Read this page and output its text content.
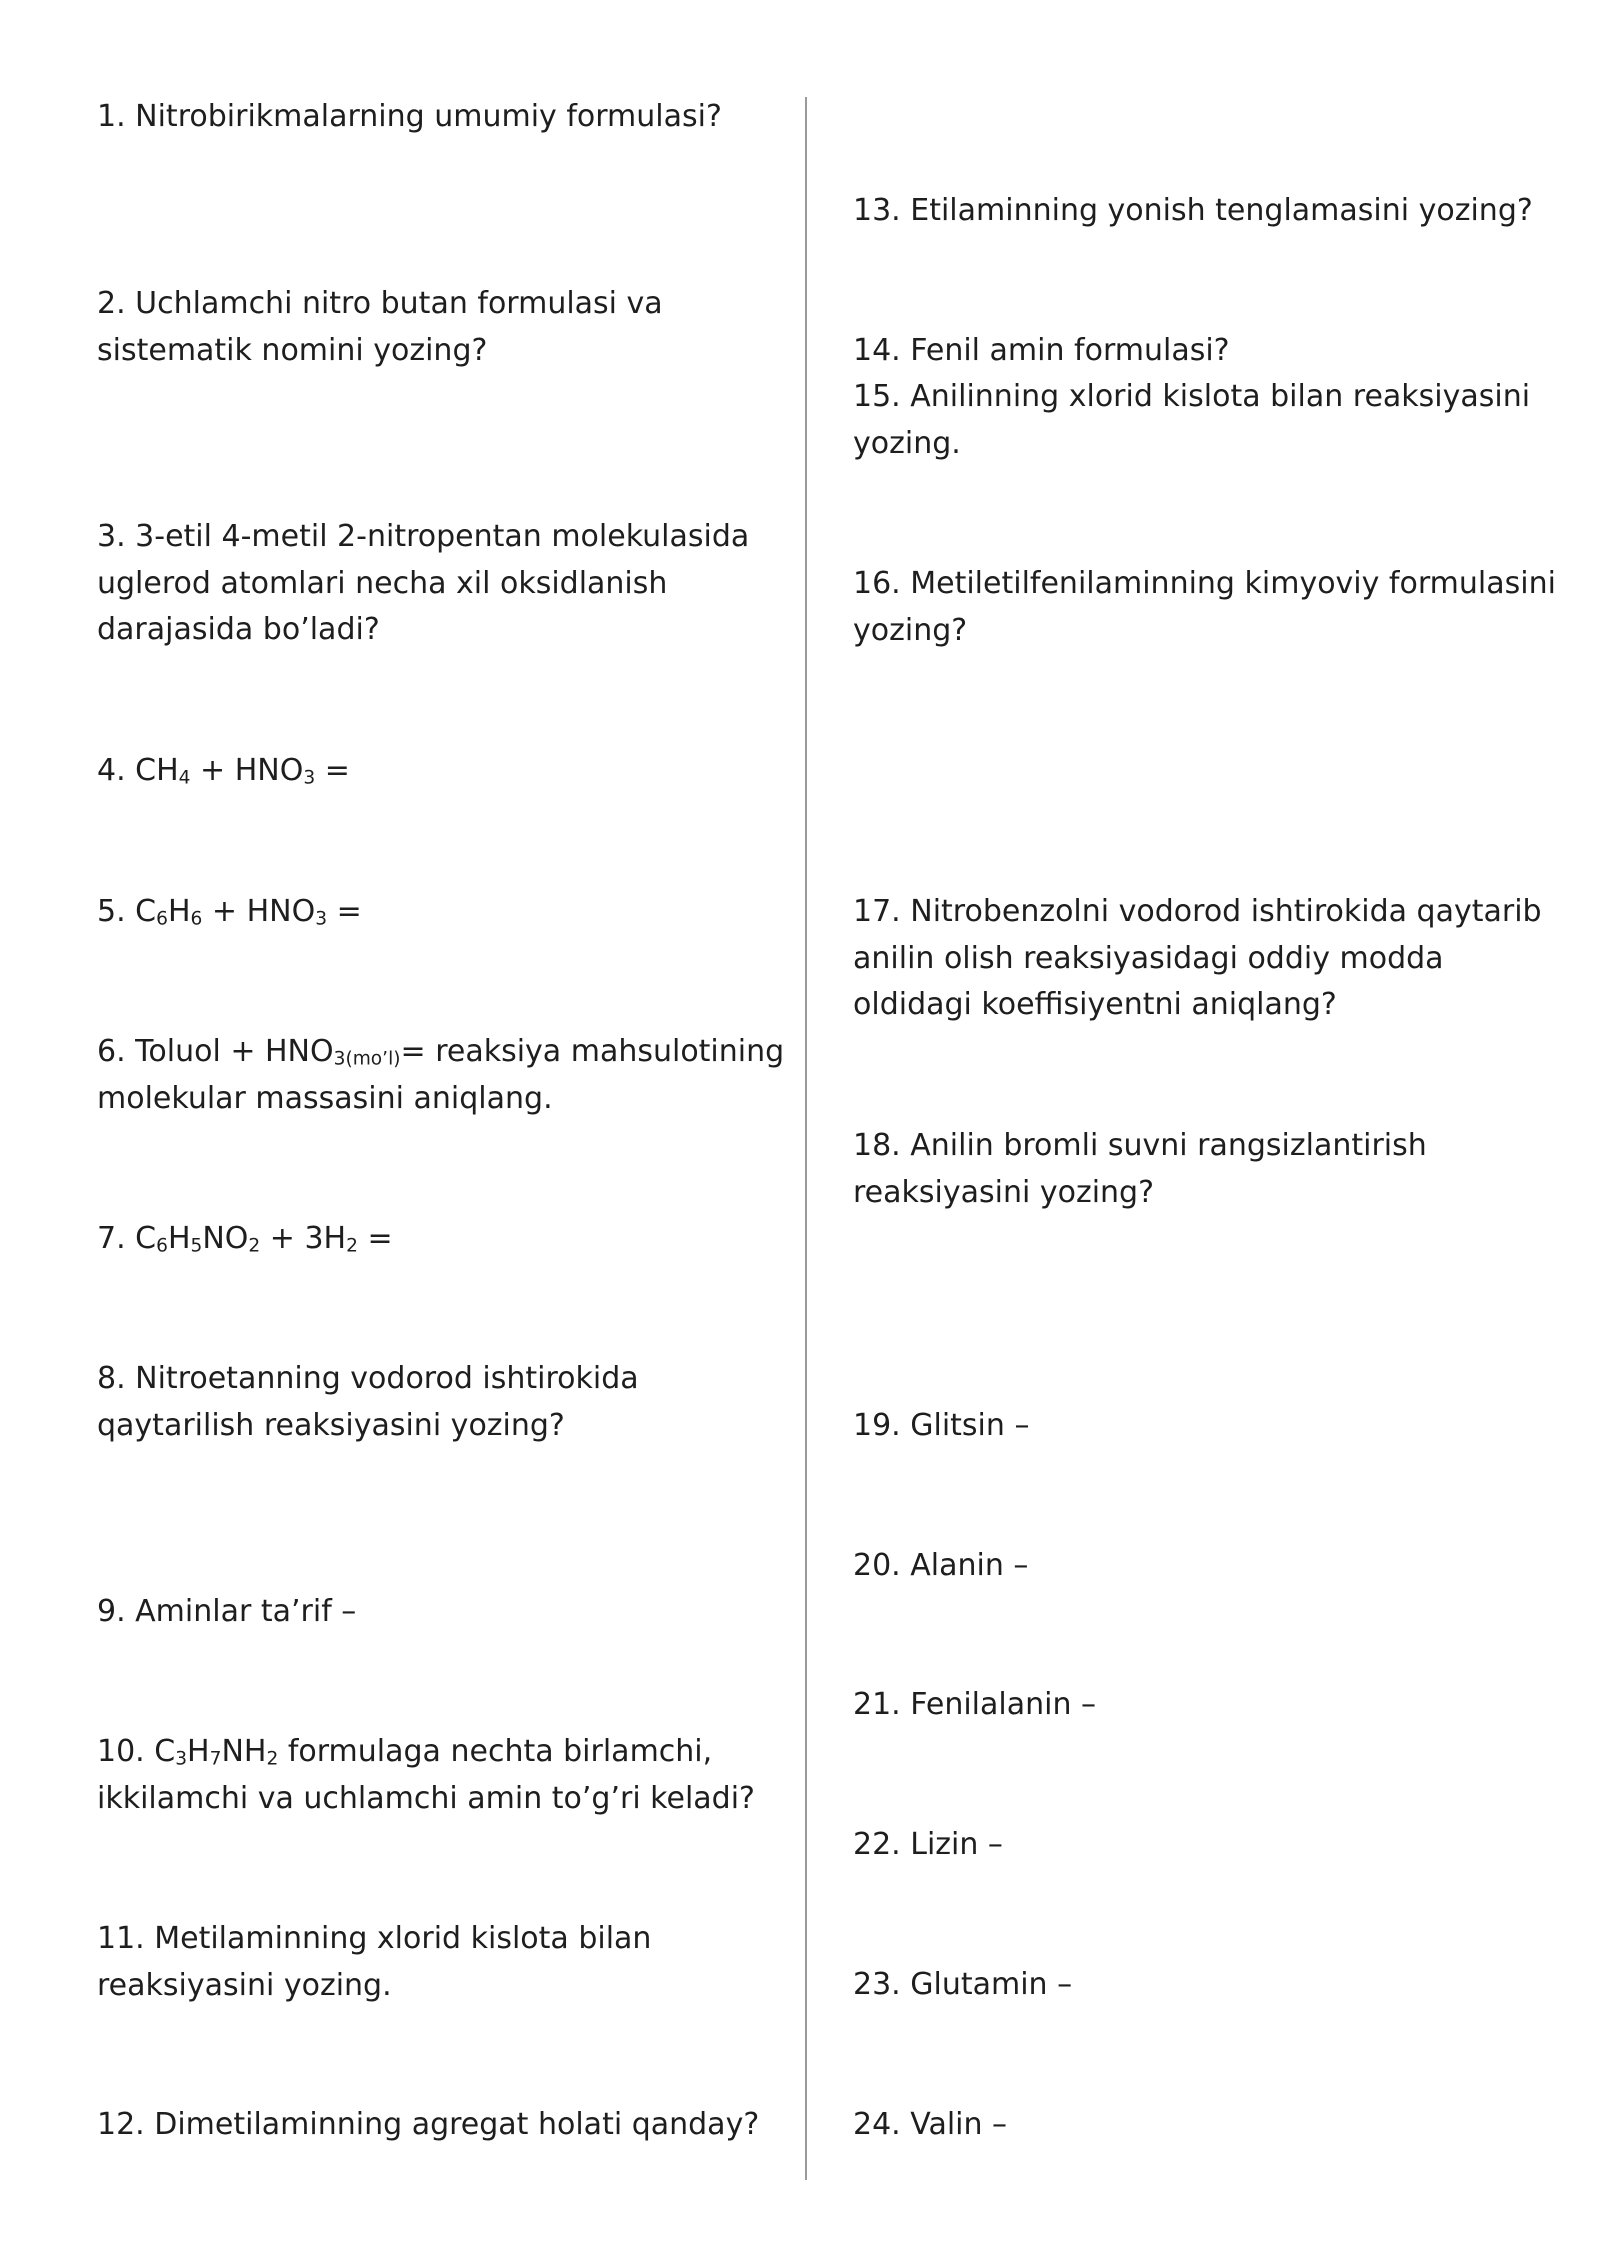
1. Nitrobirikmalarning umumiy formulasi?

2. Uchlamchi nitro butan formulasi va
sistematik nomini yozing?

3. 3-etil 4-metil 2-nitropentan molekulasida
uglerod atomlari necha xil oksidlanish
darajasida bo’ladi?

4. $CH_4 + HNO_3$ =

5. $C_6H_6 + HNO_3$ =

6. Toluol + $HNO_{3(mo’l)}=$ reaksiya mahsulotining
molekular massasini aniqlang.

7. $C_6H_5NO_2 + 3H_2$ =

8. Nitroetanning vodorod ishtirokida
qaytarilish reaksiyasini yozing?

9. Aminlar ta’rif –

10. $C_3H_7NH_2$ formulaga nechta birlamchi,
ikkilamchi va uchlamchi amin to’g’ri keladi?

11. Metilaminning xlorid kislota bilan
reaksiyasini yozing.

12. Dimetilaminning agregat holati qanday?

13. Etilaminning yonish tenglamasini yozing?

14. Fenil amin formulasi?

15. Anilinning xlorid kislota bilan reaksiyasini
yozing.

16. Metiletilfenilaminning kimyoviy formulasini
yozing?

17. Nitrobenzolni vodorod ishtirokida qaytarib
anilin olish reaksiyasidagi oddiy modda
oldidagi koeffisiyentni aniqlang?

18. Anilin bromli suvni rangsizlantirish
reaksiyasini yozing?

19. Glitsin –

20. Alanin –

21. Fenilalanin –

22. Lizin –

23. Glutamin –

24. Valin –
